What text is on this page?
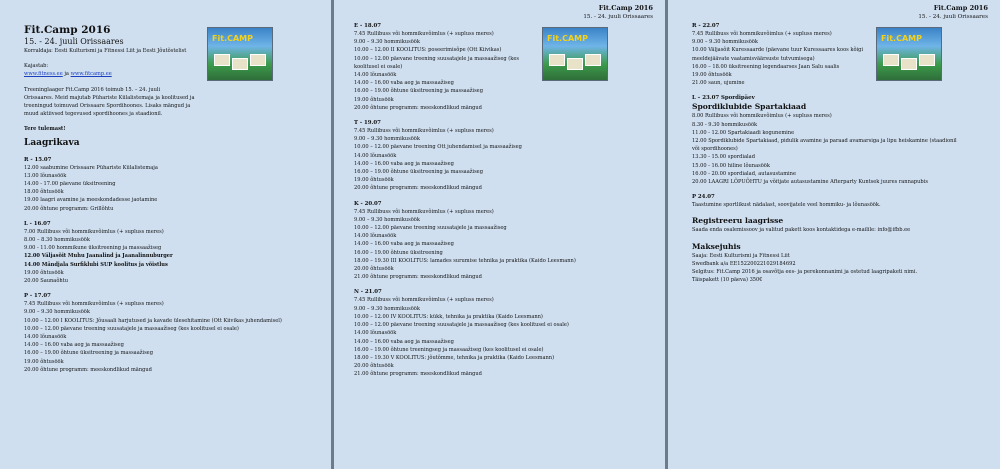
Fit.CAMP

Fit.Camp 2016

15. - 24. juuli Orissaares

Korraldaja: Eesti Kulturismi ja Fitnessi Liit ja Eesti Jõutõstelist

Kajastab:

www.fitness.ee ja www.fitcamp.ee

Treeninglaager Fit.Camp 2016 toimub 15. – 24. juuli

Orissaares. Meid majutab Pühariste Külalistemaja ja koolitused ja

treeningud toimuvad Orissaare Spordihoones. Lisaks mängud ja

muud aktiivsed tegevused spordihoones ja staadionil.

Tere tulemast!

Laagrikava

R - 15.07

12.00 saabumine Orissaare Pühariste Külalistemaja

13.00 lõunasöök

14.00 - 17.00 päevane üksitreening

18.00 õhtusöök

19.00 laagri avamine ja meeskondadesse jaotamine

20.00 õhtune programm: Grillõhtu

L - 16.07

7.00 Rullibuss või hommikuvõimlus (+ supluss meres)

8.00 – 8.30 hommikusöök

9.00 - 11.00 hommikune üksitreening ja massaažiseg

12.00 Väljasõit Muhu Jaanalind ja Jaanalinnuburger

14.00 Mändjala Surfiklubi SUP koolitus ja võistlus

19.00 õhtusöök

20.00 Saunaõhtu

P - 17.07

7.45 Rullibuss või hommikuvõimlus (+ supluss meres)

9.00 – 9.30 hommikusöök

10.00 – 12.00 I KOOLITUS: Jõusaali harjutused ja kavade ülesehitamine (Ott Kiivikas juhendamisel)

10.00 – 12.00 päevane treening suusatajele ja massaažiseg (kes koolitusel ei osale)

14.00 lõunasöök

14.00 – 16.00 vaba aeg ja massaažiseg

16.00 – 19.00 õhtune üksitreening ja massaažiseg

19.00 õhtusöök

20.00 õhtune programm: meeskondlikud mängud

Fit.Camp 2016
15. - 24. juuli Orissaares
Fit.CAMP

E - 18.07

7.45 Rullibuss või hommikuvõimlus (+ supluss meres)

9.00 – 9.30 hommikusöök

10.00 – 12.00 II KOOLITUS: poseerimisõpe (Ott Kiivikas)

10.00 – 12.00 päevane treening suusatajele ja massaažiseg (kes

koolitusel ei osale)

14.00 lõunasöök

14.00 – 16.00 vaba aeg ja massaažiseg

16.00 – 19.00 õhtune üksitreening ja massaažiseg

19.00 õhtusöök

20.00 õhtune programm: meeskondlikud mängud

T - 19.07

7.45 Rullibuss või hommikuvõimlus (+ supluss meres)

9.00 – 9.30 hommikusöök

10.00 – 12.00 päevane treening Ott juhendamisel ja massaažiseg

14.00 lõunasöök

14.00 – 16.00 vaba aeg ja massaažiseg

16.00 – 19.00 õhtune üksitreening ja massaažiseg

19.00 õhtusöök

20.00 õhtune programm: meeskondlikud mängud

K - 20.07

7.45 Rullibuss või hommikuvõimlus (+ supluss meres)

9.00 – 9.30 hommikusöök

10.00 – 12.00 päevane treening suusatajele ja massaažiseg

14.00 lõunasöök

14.00 – 16.00 vaba aeg ja massaažiseg

16.00 – 19.00 õhtune üksitreening

18.00 – 19.30 III KOOLITUS: lamades surumise tehnika ja praktika (Kaido Leesmann)

20.00 õhtusöök

21.00 õhtune programm: meeskondlikud mängud

N - 21.07

7.45 Rullibuss või hommikuvõimlus (+ supluss meres)

9.00 – 9.30 hommikusöök

10.00 – 12.00 IV KOOLITUS: kükk, tehnika ja praktika (Kaido Leesmann)

10.00 – 12.00 päevane treening suusatajele ja massaažiseg (kes koolitusel ei osale)

14.00 lõunasöök

14.00 – 16.00 vaba aeg ja massaažiseg

16.00 – 19.00 õhtune treeningseg ja massaažiseg (kes koolitusel ei osale)

18.00 – 19.30 V KOOLITUS: jõutõmme, tehnika ja praktika (Kaido Leesmann)

20.00 õhtusöök

21.00 õhtune programm: meeskondlikud mängud

Fit.Camp 2016
15. - 24. juuli Orissaares
Fit.CAMP

R - 22.07

7.45 Rullibuss või hommikuvõimlus (+ supluss meres)

9.00 – 9.30 hommikusöök

10.00 Väljasõit Kuressaarde (päevane tuur Kuressaares koos kõigi

meeldejäävate vaatamisväärsuste tutvumisega)

16.00 – 18.00 üksitreening legendaarses Jaan Salu saalis

19.00 õhtusöök

21.00 saun, ujumine

L – 23.07 Spordipäev

Spordiklubide Spartakiaad

8.00 Rullibuss või hommikuvõimlus (+ supluss meres)

8.30 - 9.30 hommikusöök

11.00 - 12.00 Spartakiaadi kogunemine

12.00 Spordiklubide Spartakiaad, pidulik avamine ja paraad avamarsiga ja lipu heiskamine (staadionil

või spordihoones)

13.30 - 15.00 spordialad

15.00 - 16.00 hiline lõunasöök

16.00 - 20.00 spordialad, autasustamine

20.00 LAAGRI LÕPUÕHTU ja võitjate autasustamine Afterparty Kuntsek juures rannapubis

P 24.07

Taastumine sportlikust nädalast, soovijatele veel hommiku- ja lõunasöök.

Registreeru laagrisse

Saada enda osalemissoov ja valitud pakett koos kontaktidega e-mailile: info@ifbb.ee

Maksejuhis

Saaja: Eesti Kulturismi ja Fitnessi Liit

Swedbank a/a EE152200221029184692

Selgitus: Fit.Camp 2016 ja osavõtja ees- ja perekonnanimi ja ostetud laagripaketi nimi.

Täispakett (10 päeva) 350€
